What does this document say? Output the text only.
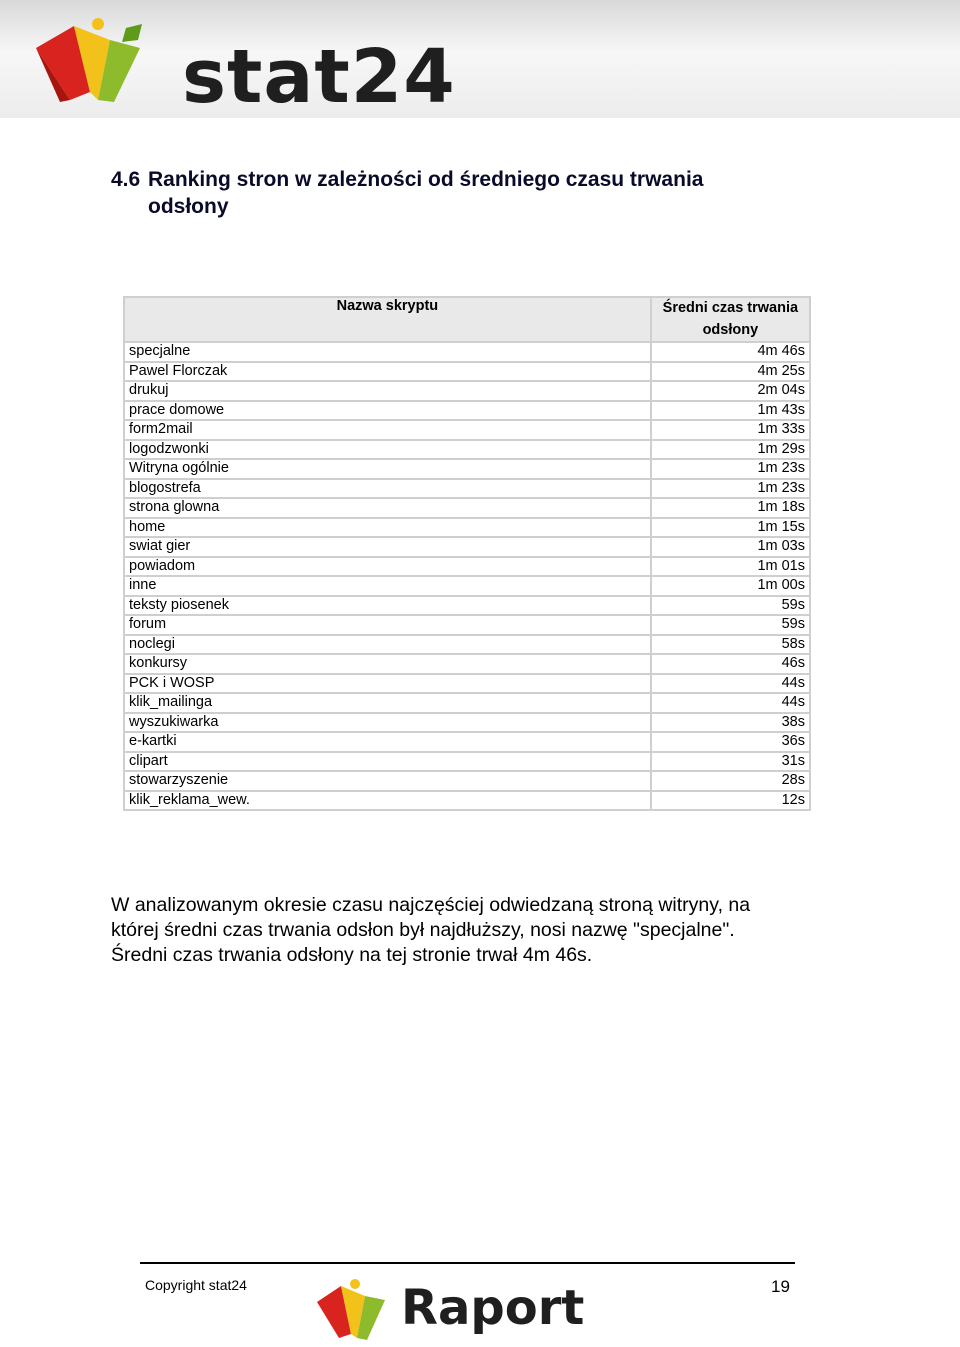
stat24
4.6 Ranking stron w zależności od średniego czasu trwania
odsłony
Nazwa skryptu	Średni czas trwania
odsłony
specjalne	4m 46s
Pawel Florczak	4m 25s
drukuj	2m 04s
prace domowe	1m 43s
form2mail	1m 33s
logodzwonki	1m 29s
Witryna ogólnie	1m 23s
blogostrefa	1m 23s
strona glowna	1m 18s
home	1m 15s
swiat gier	1m 03s
powiadom	1m 01s
inne	1m 00s
teksty piosenek	59s
forum	59s
noclegi	58s
konkursy	46s
PCK i WOSP	44s
klik_mailinga	44s
wyszukiwarka	38s
e-kartki	36s
clipart	31s
stowarzyszenie	28s
klik_reklama_wew.	12s
W analizowanym okresie czasu najczęściej odwiedzaną stroną witryny, na
której średni czas trwania odsłon był najdłuższy, nosi nazwę "specjalne".
Średni czas trwania odsłony na tej stronie trwał 4m 46s.
Copyright stat24	Raport	19
